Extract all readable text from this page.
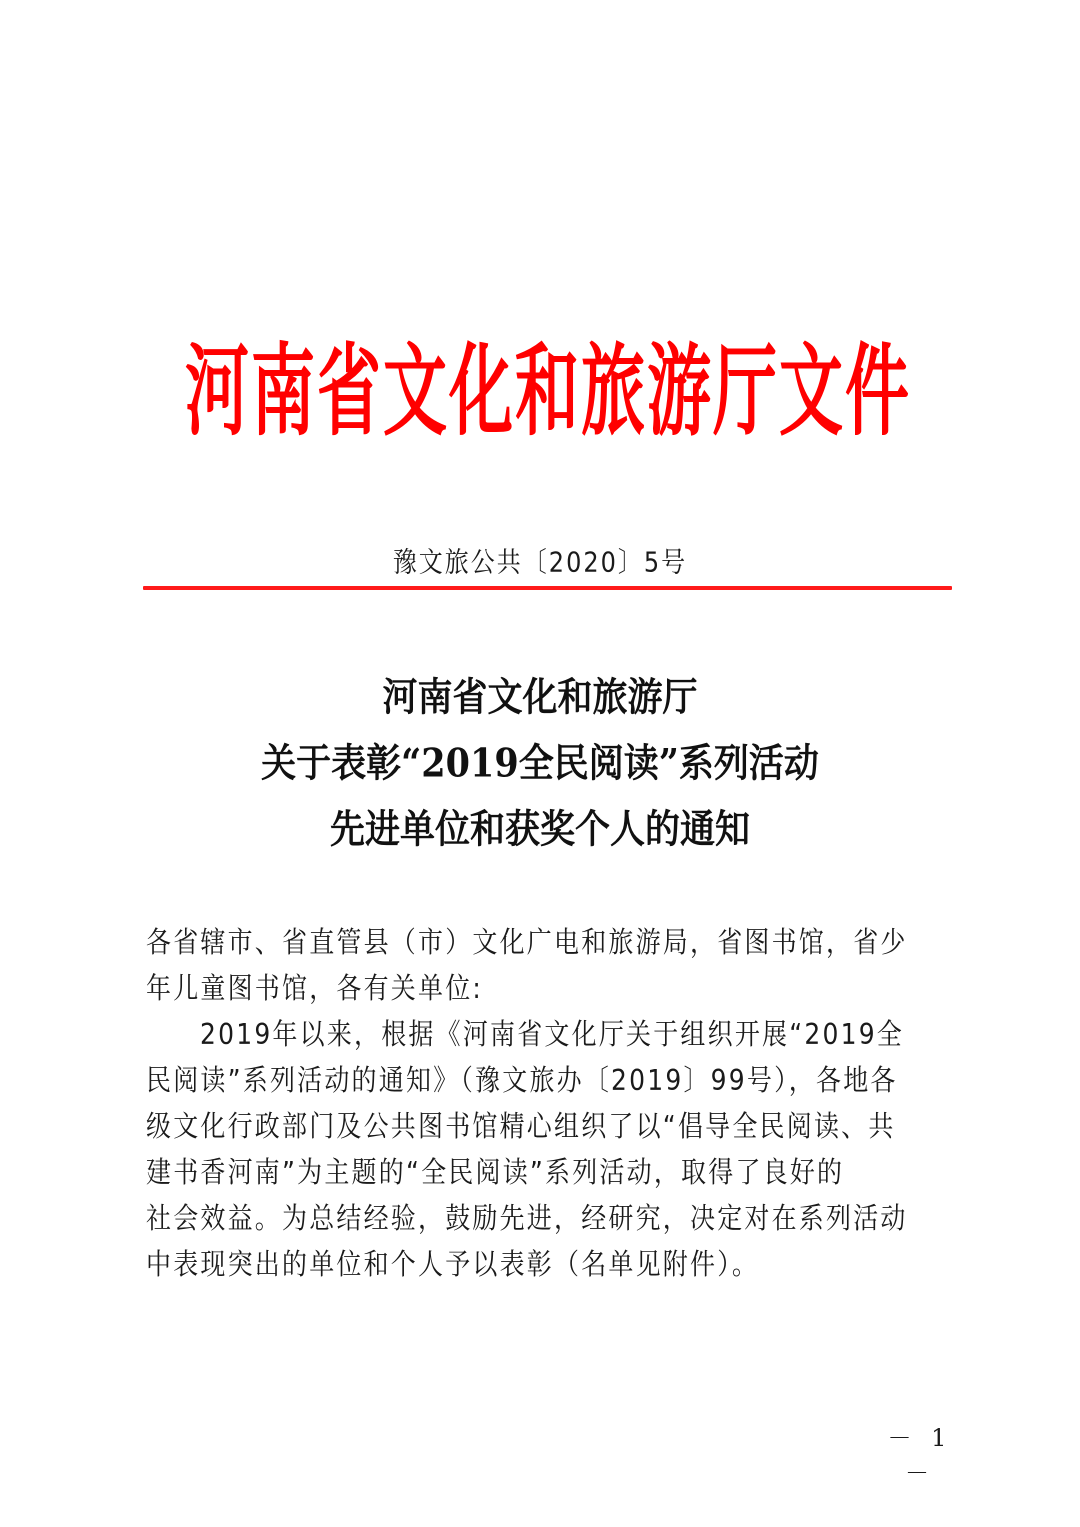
河 南 省 文 化 和 旅 游 厅 文 件
豫文旅公共〔2020〕5号
河南省文化和旅游厅
关于表彰“2019全民阅读”系列活动
先进单位和获奖个人的通知
各省辖市、省直管县（市）文化广电和旅游局，省图书馆，省少
年儿童图书馆，各有关单位:
2019年以来，根据《河南省文化厅关于组织开展“2019全
民阅读”系列活动的通知》（豫文旅办〔2019〕99号），各地各
级文化行政部门及公共图书馆精心组织了以“倡导全民阅读、共
建书香河南”为主题的“全民阅读”系列活动，取得了良好的
社会效益。为总结经验，鼓励先进，经研究，决定对在系列活动
中表现突出的单位和个人予以表彰（名单见附件）。
－ 1 －
